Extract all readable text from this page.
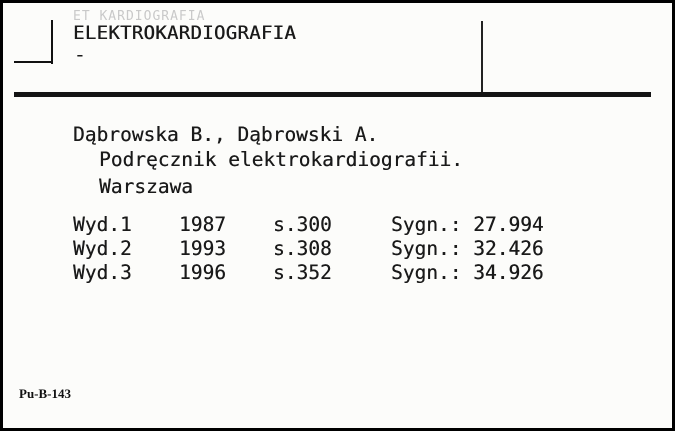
ET KARDIOGRAFIA
ELEKTROKARDIOGRAFIA
-
Dąbrowska B., Dąbrowski A.
Podręcznik elektrokardiografii.
Warszawa
Wyd.1 1987 s.300	Sygn.: 27.994
Wyd.2 1993 s.308	Sygn.: 32.426
Wyd.3 1996 s.352	Sygn.: 34.926
Pu-B-143
